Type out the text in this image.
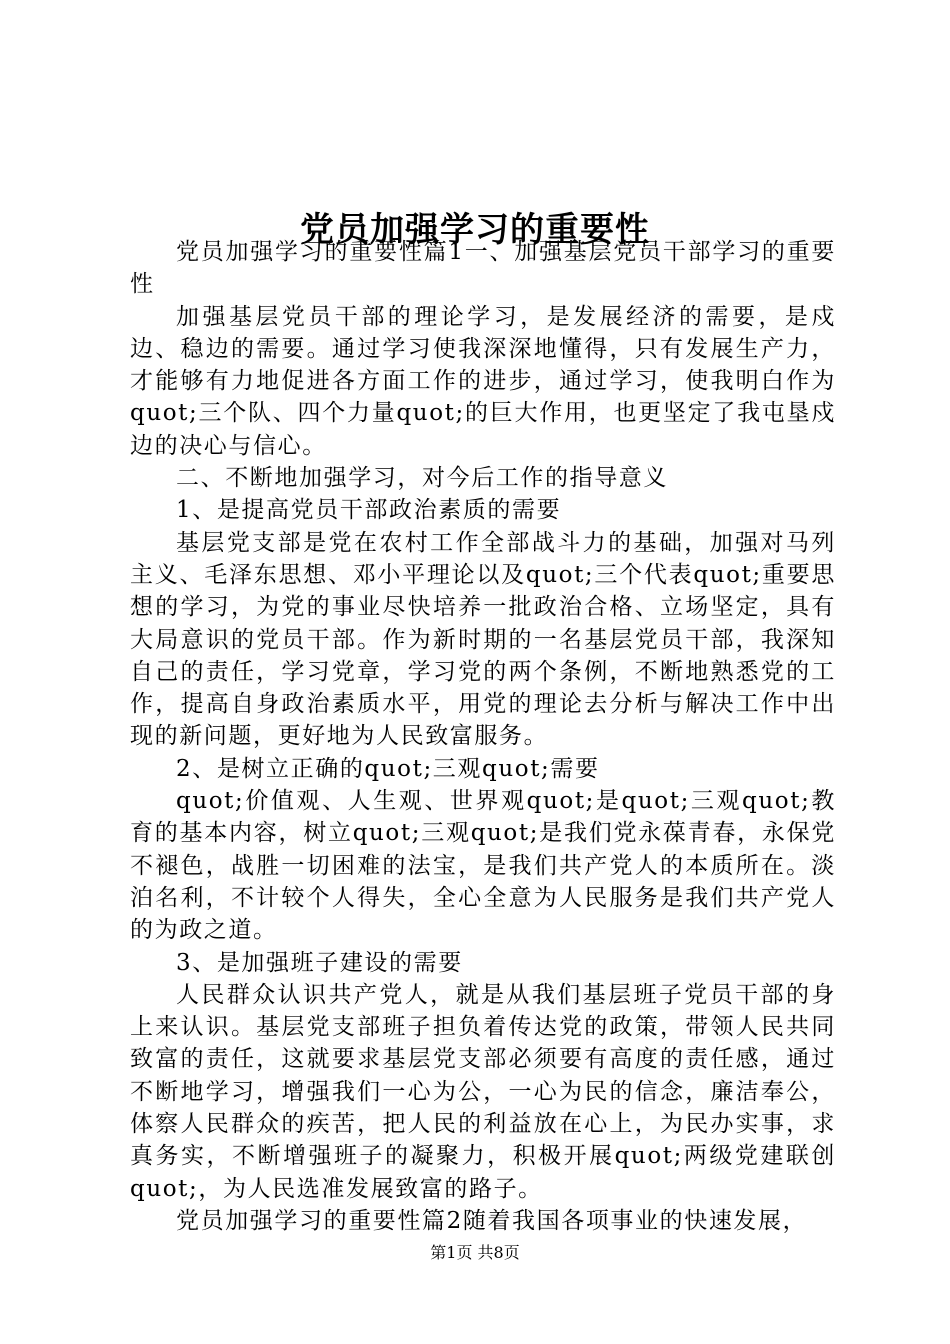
党员加强学习的重要性

党员加强学习的重要性篇1一、加强基层党员干部学习的重要性

加强基层党员干部的理论学习，是发展经济的需要，是戍边、稳边的需要。通过学习使我深深地懂得，只有发展生产力，才能够有力地促进各方面工作的进步，通过学习，使我明白作为quot;三个队、四个力量quot;的巨大作用，也更坚定了我屯垦戍边的决心与信心。

二、不断地加强学习，对今后工作的指导意义

1、是提高党员干部政治素质的需要

基层党支部是党在农村工作全部战斗力的基础，加强对马列主义、毛泽东思想、邓小平理论以及quot;三个代表quot;重要思想的学习，为党的事业尽快培养一批政治合格、立场坚定，具有大局意识的党员干部。作为新时期的一名基层党员干部，我深知自己的责任，学习党章，学习党的两个条例，不断地熟悉党的工作，提高自身政治素质水平，用党的理论去分析与解决工作中出现的新问题，更好地为人民致富服务。

2、是树立正确的quot;三观quot;需要

quot;价值观、人生观、世界观quot;是quot;三观quot;教育的基本内容，树立quot;三观quot;是我们党永葆青春，永保党不褪色，战胜一切困难的法宝，是我们共产党人的本质所在。淡泊名利，不计较个人得失，全心全意为人民服务是我们共产党人的为政之道。

3、是加强班子建设的需要

人民群众认识共产党人，就是从我们基层班子党员干部的身上来认识。基层党支部班子担负着传达党的政策，带领人民共同致富的责任，这就要求基层党支部必须要有高度的责任感，通过不断地学习，增强我们一心为公，一心为民的信念，廉洁奉公，体察人民群众的疾苦，把人民的利益放在心上，为民办实事，求真务实，不断增强班子的凝聚力，积极开展quot;两级党建联创quot;，为人民选准发展致富的路子。

党员加强学习的重要性篇2随着我国各项事业的快速发展，

第1页 共8页
